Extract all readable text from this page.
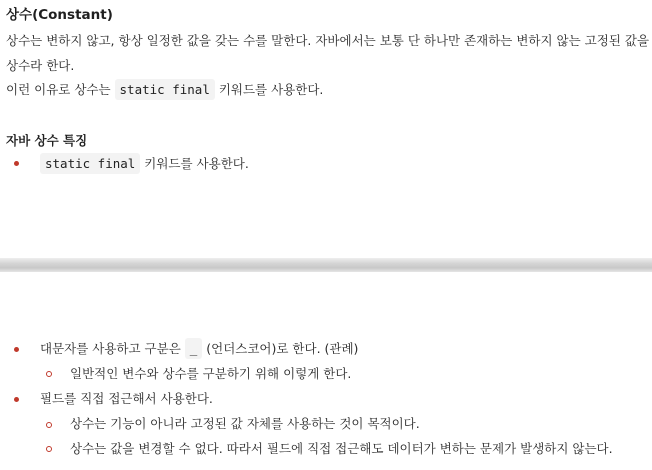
상수(Constant)
상수는 변하지 않고, 항상 일정한 값을 갖는 수를 말한다. 자바에서는 보통 단 하나만 존재하는 변하지 않는 고정된 값을
상수라 한다.
이런 이유로 상수는 static final 키워드를 사용한다.
자바 상수 특징
static final 키워드를 사용한다.
대문자를 사용하고 구분은 _ (언더스코어)로 한다. (관례)
일반적인 변수와 상수를 구분하기 위해 이렇게 한다.
필드를 직접 접근해서 사용한다.
상수는 기능이 아니라 고정된 값 자체를 사용하는 것이 목적이다.
상수는 값을 변경할 수 없다. 따라서 필드에 직접 접근해도 데이터가 변하는 문제가 발생하지 않는다.
